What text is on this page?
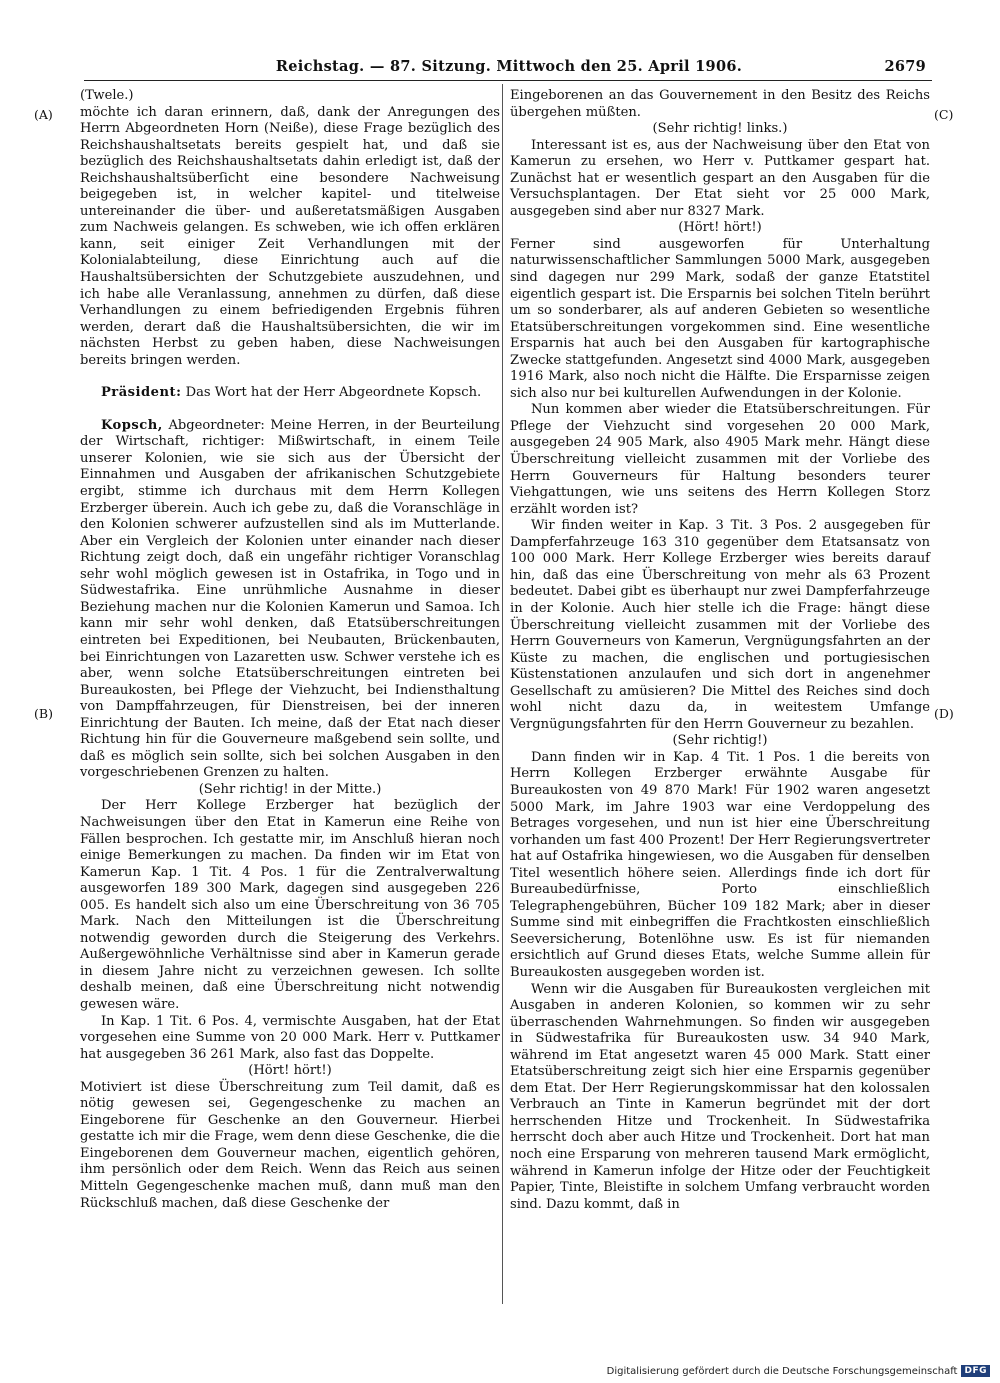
Reichstag. — 87. Sitzung. Mittwoch den 25. April 1906.	2679
(A)
(B)
(C)
(D)

(Twele.)

möchte ich daran erinnern, daß, dank der Anregungen des Herrn Abgeordneten Horn (Neiße), diese Frage bezüglich des Reichshaushaltsetats bereits gespielt hat, und daß sie bezüglich des Reichshaushaltsetats dahin erledigt ist, daß der Reichshaushaltsüberſicht eine besondere Nachweisung beigegeben ist, in welcher kapitel- und titelweise untereinander die über- und außeretatsmäßigen Ausgaben zum Nachweis gelangen. Es schweben, wie ich offen erklären kann, seit einiger Zeit Verhandlungen mit der Kolonialabteilung, diese Einrichtung auch auf die Haushaltsübersichten der Schutzgebiete auszudehnen, und ich habe alle Veranlassung, annehmen zu dürfen, daß diese Verhandlungen zu einem befriedigenden Ergebnis führen werden, derart daß die Haushaltsübersichten, die wir im nächsten Herbst zu geben haben, diese Nachweisungen bereits bringen werden.

Präsident: Das Wort hat der Herr Abgeordnete Kopsch.

Kopsch, Abgeordneter: Meine Herren, in der Beurteilung der Wirtschaft, richtiger: Mißwirtschaft, in einem Teile unserer Kolonien, wie sie sich aus der Übersicht der Einnahmen und Ausgaben der afrikanischen Schutzgebiete ergibt, stimme ich durchaus mit dem Herrn Kollegen Erzberger überein. Auch ich gebe zu, daß die Voranschläge in den Kolonien schwerer aufzustellen sind als im Mutterlande. Aber ein Vergleich der Kolonien unter einander nach dieser Richtung zeigt doch, daß ein ungefähr richtiger Voranschlag sehr wohl möglich gewesen ist in Ostafrika, in Togo und in Südwestafrika. Eine unrühmliche Ausnahme in dieser Beziehung machen nur die Kolonien Kamerun und Samoa. Ich kann mir sehr wohl denken, daß Etatsüberschreitungen eintreten bei Expeditionen, bei Neubauten, Brückenbauten, bei Einrichtungen von Lazaretten usw. Schwer verstehe ich es aber, wenn solche Etatsüberschreitungen eintreten bei Bureaukosten, bei Pflege der Viehzucht, bei Indiensthaltung von Dampffahrzeugen, für Dienstreisen, bei der inneren Einrichtung der Bauten. Ich meine, daß der Etat nach dieser Richtung hin für die Gouverneure maßgebend sein sollte, und daß es möglich sein sollte, sich bei solchen Ausgaben in den vorgeschriebenen Grenzen zu halten.

(Sehr richtig! in der Mitte.)

Der Herr Kollege Erzberger hat bezüglich der Nachweisungen über den Etat in Kamerun eine Reihe von Fällen besprochen. Ich gestatte mir, im Anschluß hieran noch einige Bemerkungen zu machen. Da finden wir im Etat von Kamerun Kap. 1 Tit. 4 Pos. 1 für die Zentralverwaltung ausgeworfen 189 300 Mark, dagegen sind ausgegeben 226 005. Es handelt sich also um eine Überschreitung von 36 705 Mark. Nach den Mitteilungen ist die Überschreitung notwendig geworden durch die Steigerung des Verkehrs. Außergewöhnliche Verhältnisse sind aber in Kamerun gerade in diesem Jahre nicht zu verzeichnen gewesen. Ich sollte deshalb meinen, daß eine Überschreitung nicht notwendig gewesen wäre.

In Kap. 1 Tit. 6 Pos. 4, vermischte Ausgaben, hat der Etat vorgesehen eine Summe von 20 000 Mark. Herr v. Puttkamer hat ausgegeben 36 261 Mark, also fast das Doppelte.

(Hört! hört!)

Motiviert ist diese Überschreitung zum Teil damit, daß es nötig gewesen sei, Gegengeschenke zu machen an Eingeborene für Geschenke an den Gouverneur. Hierbei gestatte ich mir die Frage, wem denn diese Geschenke, die die Eingeborenen dem Gouverneur machen, eigentlich gehören, ihm persönlich oder dem Reich. Wenn das Reich aus seinen Mitteln Gegengeschenke machen muß, dann muß man den Rückschluß machen, daß diese Geschenke der

Eingeborenen an das Gouvernement in den Besitz des Reichs übergehen müßten.

(Sehr richtig! links.)

Interessant ist es, aus der Nachweisung über den Etat von Kamerun zu ersehen, wo Herr v. Puttkamer gespart hat. Zunächst hat er wesentlich gespart an den Ausgaben für die Versuchsplantagen. Der Etat sieht vor 25 000 Mark, ausgegeben sind aber nur 8327 Mark.

(Hört! hört!)

Ferner sind ausgeworfen für Unterhaltung naturwissenschaftlicher Sammlungen 5000 Mark, ausgegeben sind dagegen nur 299 Mark, sodaß der ganze Etatstitel eigentlich gespart ist. Die Ersparnis bei solchen Titeln berührt um so sonderbarer, als auf anderen Gebieten so wesentliche Etatsüberschreitungen vorgekommen sind. Eine wesentliche Ersparnis hat auch bei den Ausgaben für kartographische Zwecke stattgefunden. Angesetzt sind 4000 Mark, ausgegeben 1916 Mark, also noch nicht die Hälfte. Die Ersparnisse zeigen sich also nur bei kulturellen Aufwendungen in der Kolonie.

Nun kommen aber wieder die Etatsüberschreitungen. Für Pflege der Viehzucht sind vorgesehen 20 000 Mark, ausgegeben 24 905 Mark, also 4905 Mark mehr. Hängt diese Überschreitung vielleicht zusammen mit der Vorliebe des Herrn Gouverneurs für Haltung besonders teurer Viehgattungen, wie uns seitens des Herrn Kollegen Storz erzählt worden ist?

Wir finden weiter in Kap. 3 Tit. 3 Pos. 2 ausgegeben für Dampferfahrzeuge 163 310 gegenüber dem Etatsansatz von 100 000 Mark. Herr Kollege Erzberger wies bereits darauf hin, daß das eine Überschreitung von mehr als 63 Prozent bedeutet. Dabei gibt es überhaupt nur zwei Dampferfahrzeuge in der Kolonie. Auch hier stelle ich die Frage: hängt diese Überschreitung vielleicht zusammen mit der Vorliebe des Herrn Gouverneurs von Kamerun, Vergnügungsfahrten an der Küste zu machen, die englischen und portugiesischen Küstenstationen anzulaufen und sich dort in angenehmer Gesellschaft zu amüsieren? Die Mittel des Reiches sind doch wohl nicht dazu da, in weitestem Umfange Vergnügungsfahrten für den Herrn Gouverneur zu bezahlen.

(Sehr richtig!)

Dann finden wir in Kap. 4 Tit. 1 Pos. 1 die bereits von Herrn Kollegen Erzberger erwähnte Ausgabe für Bureaukosten von 49 870 Mark! Für 1902 waren angesetzt 5000 Mark, im Jahre 1903 war eine Verdoppelung des Betrages vorgesehen, und nun ist hier eine Überschreitung vorhanden um fast 400 Prozent! Der Herr Regierungsvertreter hat auf Ostafrika hingewiesen, wo die Ausgaben für denselben Titel wesentlich höhere seien. Allerdings finde ich dort für Bureaubedürfnisse, Porto einschließlich Telegraphengebühren, Bücher 109 182 Mark; aber in dieser Summe sind mit einbegriffen die Frachtkosten einschließlich Seeversicherung, Botenlöhne usw. Es ist für niemanden ersichtlich auf Grund dieses Etats, welche Summe allein für Bureaukosten ausgegeben worden ist.

Wenn wir die Ausgaben für Bureaukosten vergleichen mit Ausgaben in anderen Kolonien, so kommen wir zu sehr überraschenden Wahrnehmungen. So finden wir ausgegeben in Südwestafrika für Bureaukosten usw. 34 940 Mark, während im Etat angesetzt waren 45 000 Mark. Statt einer Etatsüberschreitung zeigt sich hier eine Ersparnis gegenüber dem Etat. Der Herr Regierungskommissar hat den kolossalen Verbrauch an Tinte in Kamerun begründet mit der dort herrschenden Hitze und Trockenheit. In Südwestafrika herrscht doch aber auch Hitze und Trockenheit. Dort hat man noch eine Ersparung von mehreren tausend Mark ermöglicht, während in Kamerun infolge der Hitze oder der Feuchtigkeit Papier, Tinte, Bleistifte in solchem Umfang verbraucht worden sind. Dazu kommt, daß in

Digitalisierung gefördert durch die Deutsche Forschungsgemeinschaft DFG
